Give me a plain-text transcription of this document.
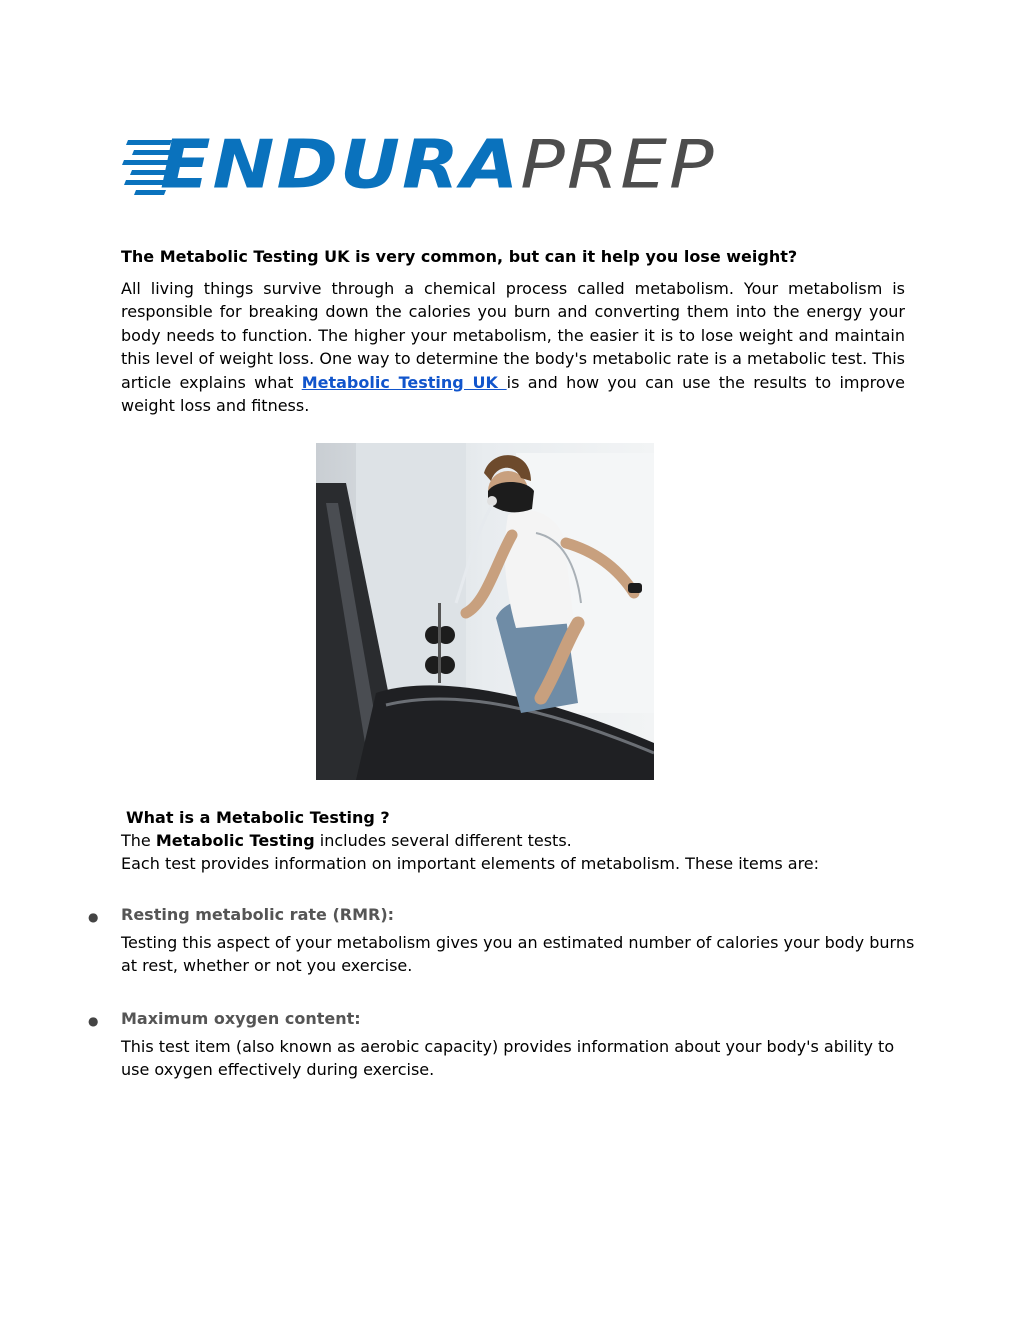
ENDURAPREP
The Metabolic Testing UK is very common, but can it help you lose weight?
All living things survive through a chemical process called metabolism. Your metabolism is responsible for breaking down the calories you burn and converting them into the energy your body needs to function. The higher your metabolism, the easier it is to lose weight and maintain this level of weight loss. One way to determine the body's metabolic rate is a metabolic test. This article explains what Metabolic Testing UK is and how you can use the results to improve weight loss and fitness.
What is a Metabolic Testing ?
The Metabolic Testing includes several different tests.
Each test provides information on important elements of metabolism. These items are:
● Resting metabolic rate (RMR):
Testing this aspect of your metabolism gives you an estimated number of calories your body burns at rest, whether or not you exercise.
● Maximum oxygen content:
This test item (also known as aerobic capacity) provides information about your body's ability to use oxygen effectively during exercise.
